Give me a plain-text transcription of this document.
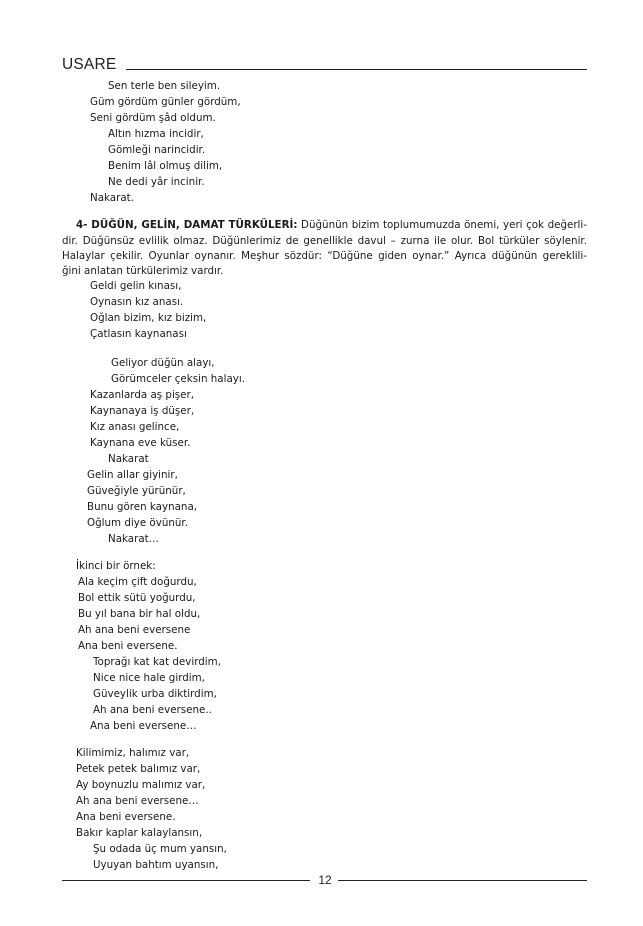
USARE
Sen terle ben sileyim.
Güm gördüm günler gördüm,
Seni gördüm şâd oldum.
Altın hızma incidir,
Gömleği narincidir.
Benim lâl olmuş dilim,
Ne dedi yâr incinir.
Nakarat.
4- DÜĞÜN, GELİN, DAMAT TÜRKÜLERİ: Düğünün bizim toplumumuzda önemi, yeri çok değerli-
dir. Düğünsüz evlilik olmaz. Düğünlerimiz de genellikle davul – zurna ile olur. Bol türküler söylenir.
Halaylar çekilir. Oyunlar oynanır. Meşhur sözdür: “Düğüne giden oynar.” Ayrıca düğünün gereklili-
ğini anlatan türkülerimiz vardır.
Geldi gelin kınası,
Oynasın kız anası.
Oğlan bizim, kız bizim,
Çatlasın kaynanası
Geliyor düğün alayı,
Görümceler çeksin halayı.
Kazanlarda aş pişer,
Kaynanaya iş düşer,
Kız anası gelince,
Kaynana eve küser.
Nakarat
Gelin allar giyinir,
Güveğiyle yürünür,
Bunu gören kaynana,
Oğlum diye övünür.
Nakarat…
İkinci bir örnek:
Ala keçim çift doğurdu,
Bol ettik sütü yoğurdu,
Bu yıl bana bir hal oldu,
Ah ana beni eversene
Ana beni eversene.
Toprağı kat kat devirdim,
Nice nice hale girdim,
Güveylik urba diktirdim,
Ah ana beni eversene..
Ana beni eversene…
Kilimimiz, halımız var,
Petek petek balımız var,
Ay boynuzlu malımız var,
Ah ana beni eversene…
Ana beni eversene.
Bakır kaplar kalaylansın,
Şu odada üç mum yansın,
Uyuyan bahtım uyansın,
12
